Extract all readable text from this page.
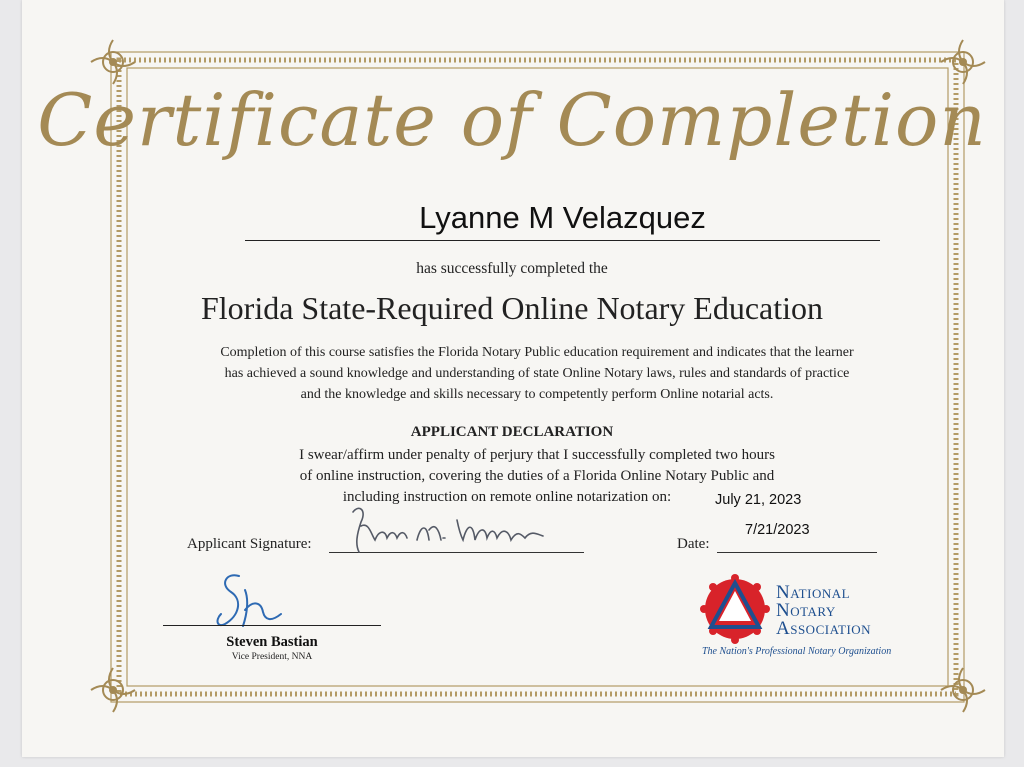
Certificate of Completion
Lyanne M Velazquez
has successfully completed the
Florida State-Required Online Notary Education
Completion of this course satisfies the Florida Notary Public education requirement and indicates that the learner
has achieved a sound knowledge and understanding of state Online Notary laws, rules and standards of practice
and the knowledge and skills necessary to competently perform Online notarial acts.
APPLICANT DECLARATION
I swear/affirm under penalty of perjury that I successfully completed two hours
of online instruction, covering the duties of a Florida Online Notary Public and
including instruction on remote online notarization on:	July 21, 2023
Applicant Signature:	Date:
7/21/2023
Steven Bastian
Vice President, NNA
National
Notary
Association
The Nation's Professional Notary Organization
